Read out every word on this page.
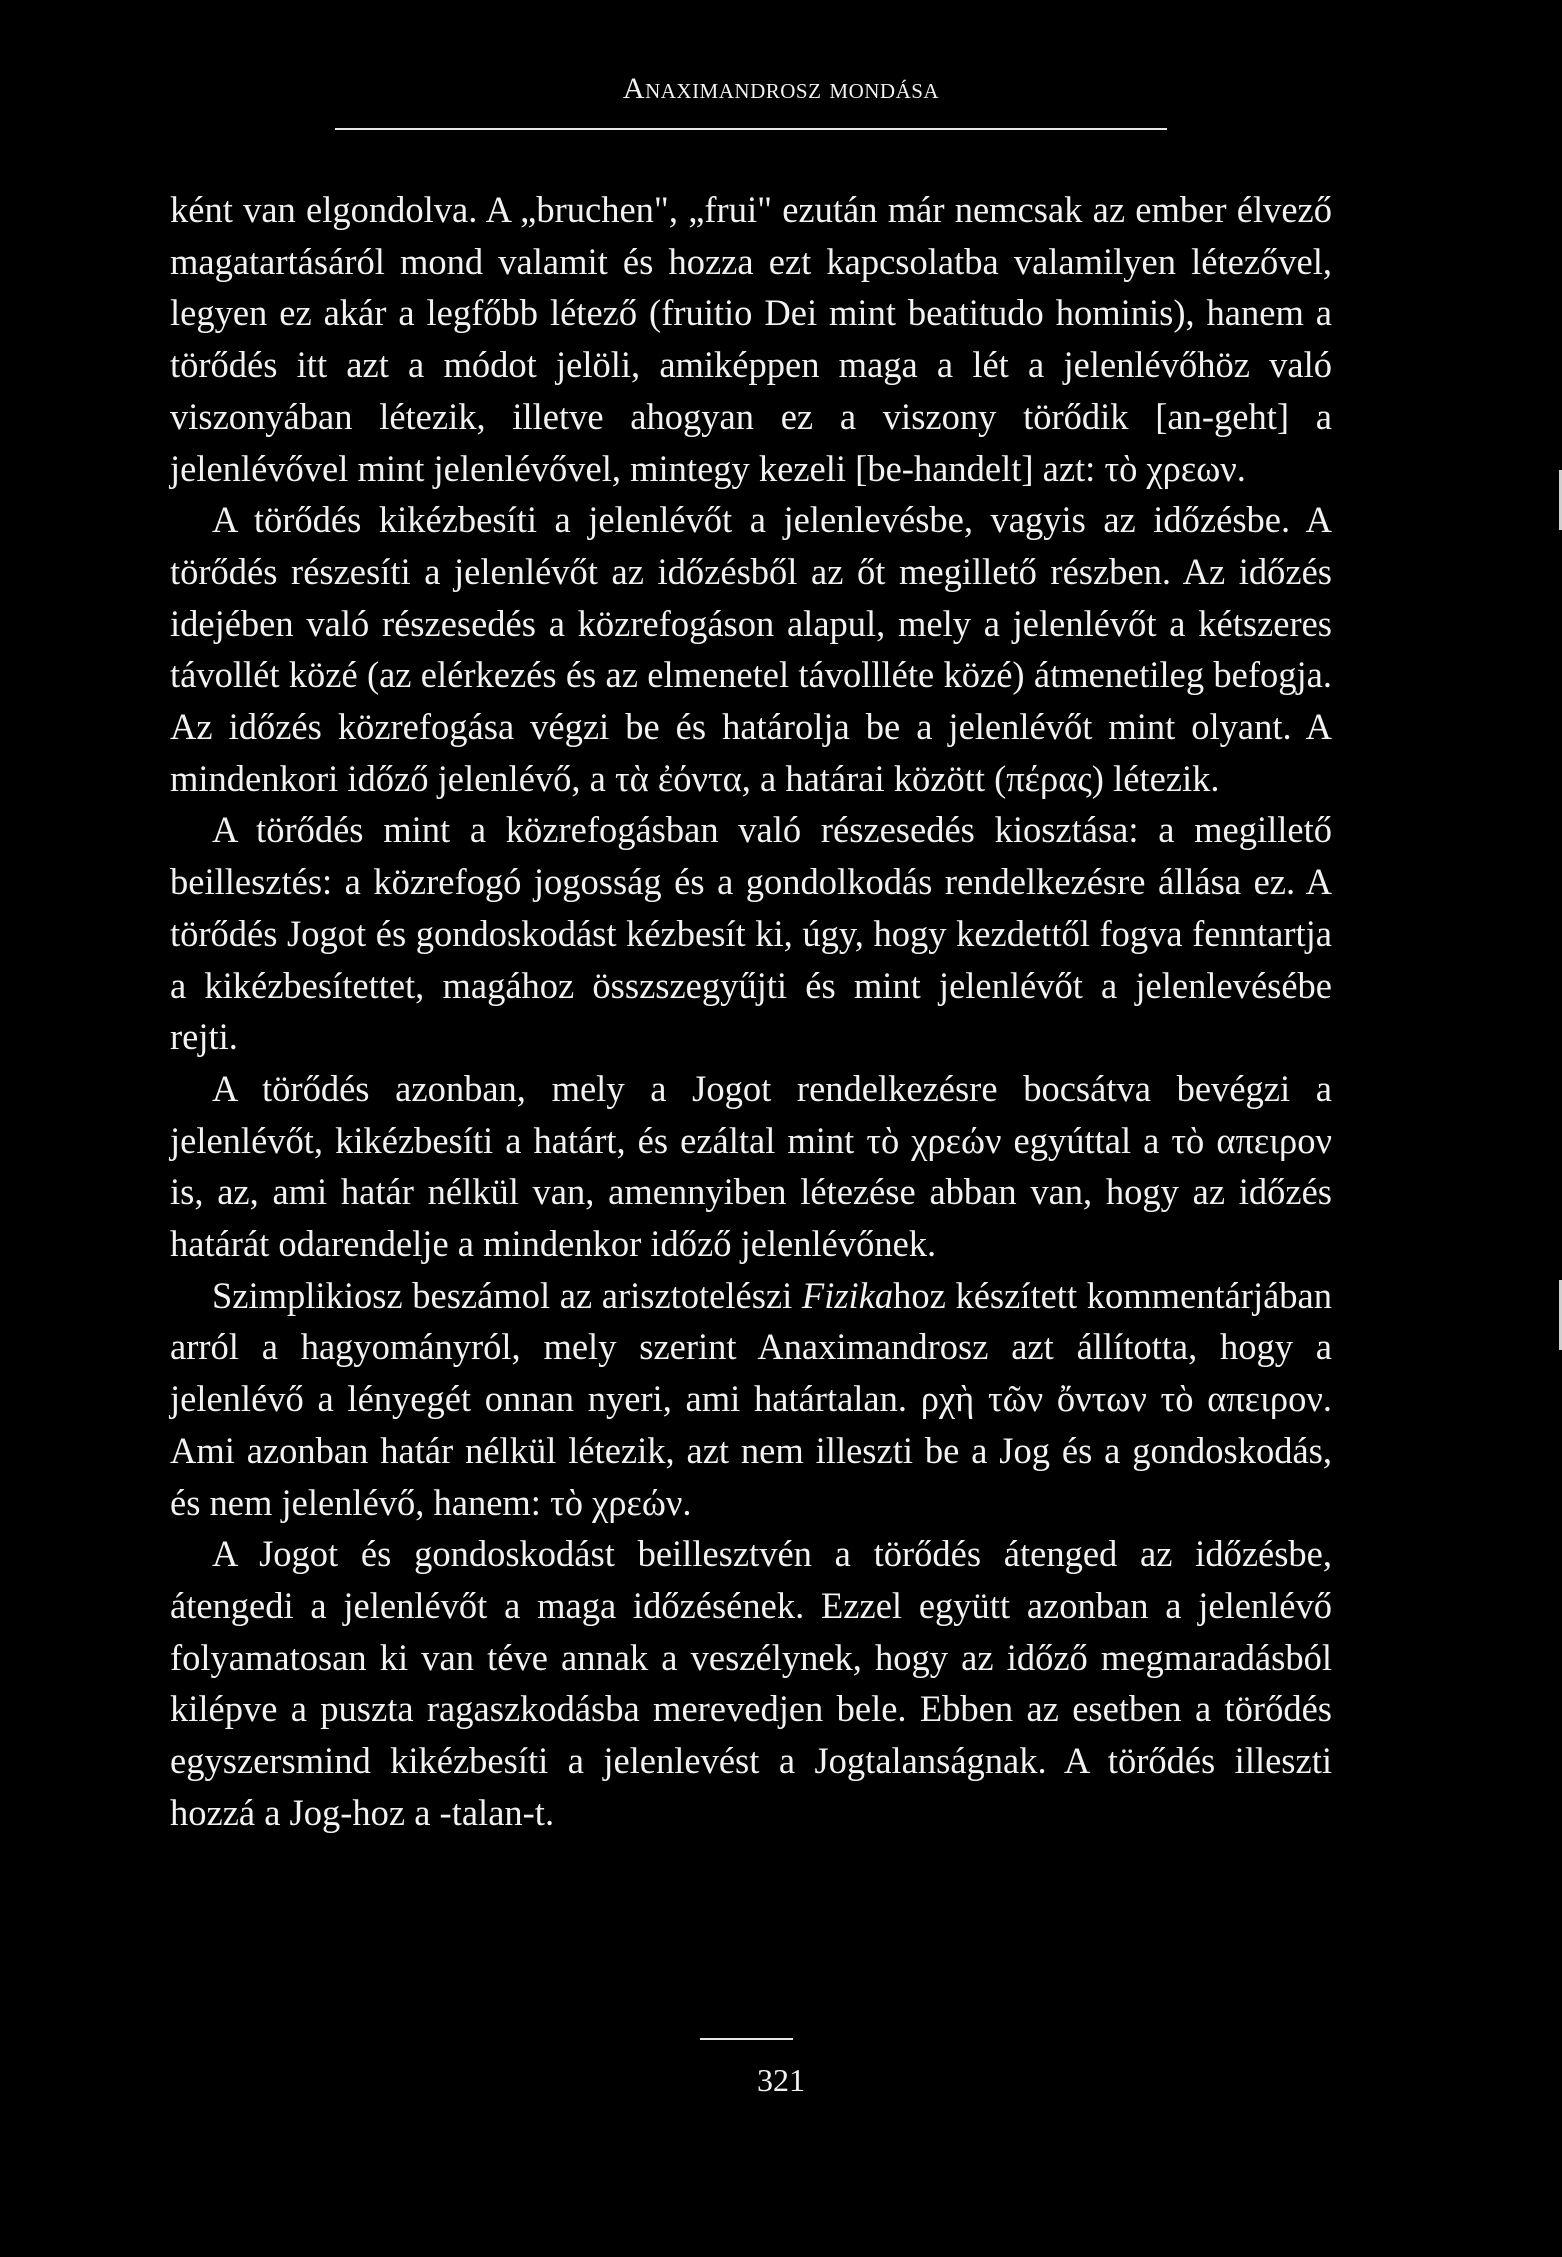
Anaximandrosz mondása

ként van elgondolva. A „bruchen", „frui" ezután már nemcsak az ember élvező magatartásáról mond valamit és hozza ezt kapcsolatba valamilyen létezővel, legyen ez akár a legfőbb létező (fruitio Dei mint beatitudo hominis), hanem a törődés itt azt a módot jelöli, amiképpen maga a lét a jelenlévőhöz való viszonyában létezik, illetve ahogyan ez a viszony törődik [an-geht] a jelenlévővel mint jelenlévővel, mintegy kezeli [be-handelt] azt: τὸ χρεων.

A törődés kikézbesíti a jelenlévőt a jelenlevésbe, vagyis az időzésbe. A törődés részesíti a jelenlévőt az időzésből az őt megillető részben. Az időzés idejében való részesedés a közrefogáson alapul, mely a jelenlévőt a kétszeres távollét közé (az elérkezés és az elmenetel távollléte közé) átmenetileg befogja. Az időzés közrefogása végzi be és határolja be a jelenlévőt mint olyant. A mindenkori időző jelenlévő, a τὰ ἐόντα, a határai között (πέρας) létezik.

A törődés mint a közrefogásban való részesedés kiosztása: a megillető beillesztés: a közrefogó jogosság és a gondolkodás rendelkezésre állása ez. A törődés Jogot és gondoskodást kézbesít ki, úgy, hogy kezdettől fogva fenntartja a kikézbesítettet, magához összszegyűjti és mint jelenlévőt a jelenlevésébe rejti.

A törődés azonban, mely a Jogot rendelkezésre bocsátva bevégzi a jelenlévőt, kikézbesíti a határt, és ezáltal mint τὸ χρεών egyúttal a τὸ απειρον is, az, ami határ nélkül van, amennyiben létezése abban van, hogy az időzés határát odarendelje a mindenkor időző jelenlévőnek.

Szimplikiosz beszámol az arisztotelészi Fizikahoz készített kommentárjában arról a hagyományról, mely szerint Anaximandrosz azt állította, hogy a jelenlévő a lényegét onnan nyeri, ami határtalan. ρχὴ τῶν ὄντων τὸ απειρον. Ami azonban határ nélkül létezik, azt nem illeszti be a Jog és a gondoskodás, és nem jelenlévő, hanem: τὸ χρεών.

A Jogot és gondoskodást beillesztvén a törődés átenged az időzésbe, átengedi a jelenlévőt a maga időzésének. Ezzel együtt azonban a jelenlévő folyamatosan ki van téve annak a veszélynek, hogy az időző megmaradásból kilépve a puszta ragaszkodásba merevedjen bele. Ebben az esetben a törődés egyszersmind kikézbesíti a jelenlevést a Jogtalanságnak. A törődés illeszti hozzá a Jog-hoz a -talan-t.

321
